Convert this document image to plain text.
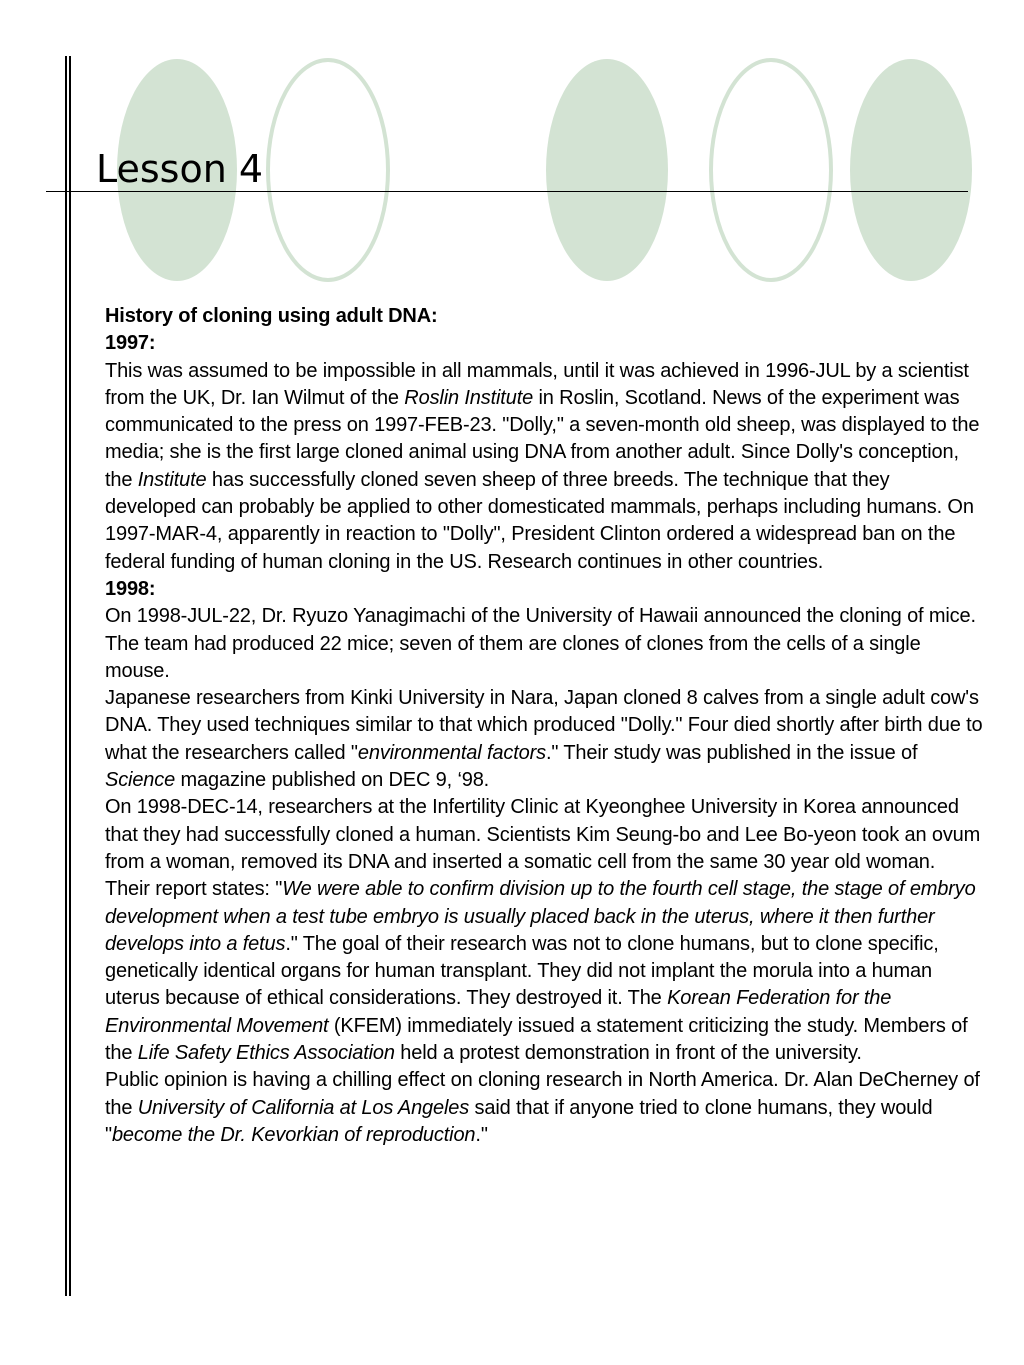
Lesson 4
History of cloning using adult DNA:
1997:

This was assumed to be impossible in all mammals, until it was achieved in 1996-JUL by a scientist from the UK, Dr. Ian Wilmut of the Roslin Institute in Roslin, Scotland. News of the experiment was communicated to the press on 1997-FEB-23. "Dolly," a seven-month old sheep, was displayed to the media; she is the first large cloned animal using DNA from another adult. Since Dolly's conception, the Institute has successfully cloned seven sheep of three breeds. The technique that they developed can probably be applied to other domesticated mammals, perhaps including humans. On 1997-MAR-4, apparently in reaction to "Dolly", President Clinton ordered a widespread ban on the federal funding of human cloning in the US. Research continues in other countries.

1998:

On 1998-JUL-22, Dr. Ryuzo Yanagimachi of the University of Hawaii announced the cloning of mice. The team had produced 22 mice; seven of them are clones of clones from the cells of a single mouse.

Japanese researchers from Kinki University in Nara, Japan cloned 8 calves from a single adult cow's DNA. They used techniques similar to that which produced "Dolly." Four died shortly after birth due to what the researchers called "environmental factors." Their study was published in the issue of Science magazine published on DEC 9, ‘98.

On 1998-DEC-14, researchers at the Infertility Clinic at Kyeonghee University in Korea announced that they had successfully cloned a human. Scientists Kim Seung-bo and Lee Bo-yeon took an ovum from a woman, removed its DNA and inserted a somatic cell from the same 30 year old woman. Their report states: "We were able to confirm division up to the fourth cell stage, the stage of embryo development when a test tube embryo is usually placed back in the uterus, where it then further develops into a fetus." The goal of their research was not to clone humans, but to clone specific, genetically identical organs for human transplant. They did not implant the morula into a human uterus because of ethical considerations. They destroyed it. The Korean Federation for the Environmental Movement (KFEM) immediately issued a statement criticizing the study. Members of the Life Safety Ethics Association held a protest demonstration in front of the university.

Public opinion is having a chilling effect on cloning research in North America. Dr. Alan DeCherney of the University of California at Los Angeles said that if anyone tried to clone humans, they would "become the Dr. Kevorkian of reproduction."
